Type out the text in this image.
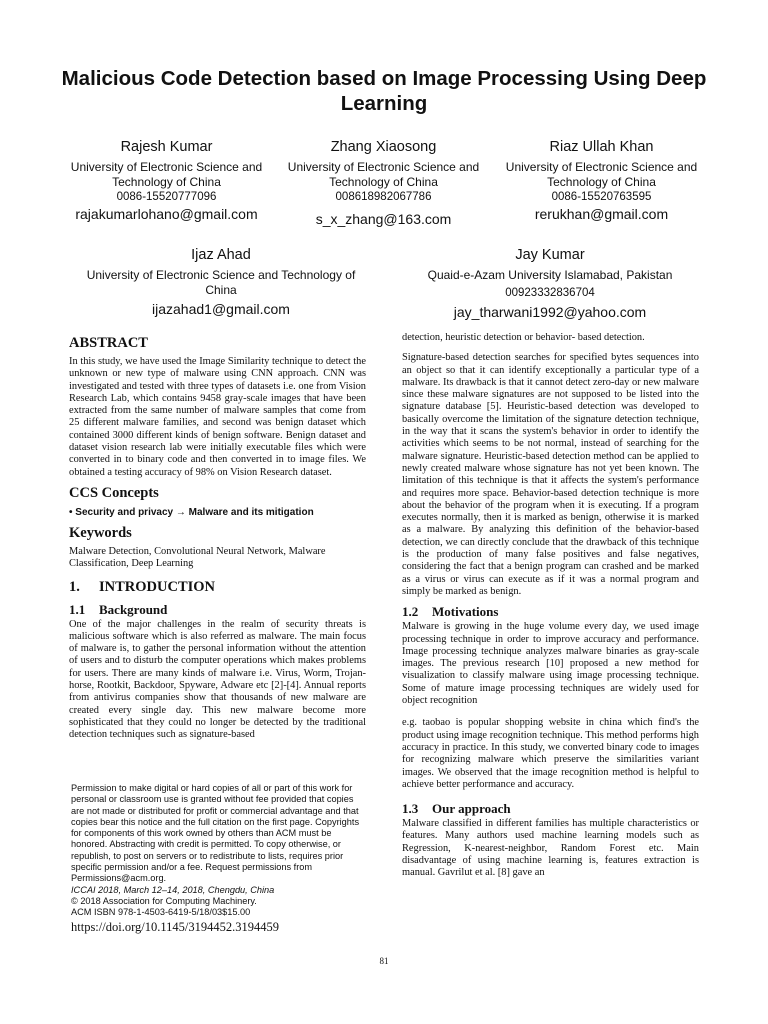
Malicious Code Detection based on Image Processing Using Deep Learning
Rajesh Kumar
University of Electronic Science and Technology of China
0086-15520777096
rajakumarlohano@gmail.com
Zhang Xiaosong
University of Electronic Science and Technology of China
008618982067786
s_x_zhang@163.com
Riaz Ullah Khan
University of Electronic Science and Technology of China
0086-15520763595
rerukhan@gmail.com
Ijaz Ahad
University of Electronic Science and Technology of China
ijazahad1@gmail.com
Jay Kumar
Quaid-e-Azam University Islamabad, Pakistan
00923332836704
jay_tharwani1992@yahoo.com
ABSTRACT

In this study, we have used the Image Similarity technique to detect the unknown or new type of malware using CNN approach. CNN was investigated and tested with three types of datasets i.e. one from Vision Research Lab, which contains 9458 gray-scale images that have been extracted from the same number of malware samples that come from 25 different malware families, and second was benign dataset which contained 3000 different kinds of benign software. Benign dataset and dataset vision research lab were initially executable files which were converted in to binary code and then converted in to image files. We obtained a testing accuracy of 98% on Vision Research dataset.

CCS Concepts
• Security and privacy → Malware and its mitigation
Keywords

Malware Detection, Convolutional Neural Network, Malware Classification, Deep Learning

1. INTRODUCTION
1.1 Background

One of the major challenges in the realm of security threats is malicious software which is also referred as malware. The main focus of malware is, to gather the personal information without the attention of users and to disturb the computer operations which makes problems for users. There are many kinds of malware i.e. Virus, Worm, Trojan-horse, Rootkit, Backdoor, Spyware, Adware etc [2]-[4]. Annual reports from antivirus companies show that thousands of new malware are created every single day. This new malware become more sophisticated that they could no longer be detected by the traditional detection techniques such as signature-based

Permission to make digital or hard copies of all or part of this work for personal or classroom use is granted without fee provided that copies are not made or distributed for profit or commercial advantage and that copies bear this notice and the full citation on the first page. Copyrights for components of this work owned by others than ACM must be honored. Abstracting with credit is permitted. To copy otherwise, or republish, to post on servers or to redistribute to lists, requires prior specific permission and/or a fee. Request permissions from Permissions@acm.org.
ICCAI 2018, March 12–14, 2018, Chengdu, China
© 2018 Association for Computing Machinery.
ACM ISBN 978-1-4503-6419-5/18/03$15.00
https://doi.org/10.1145/3194452.3194459

detection, heuristic detection or behavior- based detection.

Signature-based detection searches for specified bytes sequences into an object so that it can identify exceptionally a particular type of a malware. Its drawback is that it cannot detect zero-day or new malware since these malware signatures are not supposed to be listed into the signature database [5]. Heuristic-based detection was developed to basically overcome the limitation of the signature detection technique, in the way that it scans the system's behavior in order to identify the activities which seems to be not normal, instead of searching for the malware signature. Heuristic-based detection method can be applied to newly created malware whose signature has not yet been known. The limitation of this technique is that it affects the system's performance and requires more space. Behavior-based detection technique is more about the behavior of the program when it is executing. If a program executes normally, then it is marked as benign, otherwise it is marked as a malware. By analyzing this definition of the behavior-based detection, we can directly conclude that the drawback of this technique is the production of many false positives and false negatives, considering the fact that a benign program can crashed and be marked as a virus or virus can execute as if it was a normal program and simply be marked as benign.

1.2 Motivations

Malware is growing in the huge volume every day, we used image processing technique in order to improve accuracy and performance. Image processing technique analyzes malware binaries as gray-scale images. The previous research [10] proposed a new method for visualization to classify malware using image processing technique. Some of mature image processing techniques are widely used for object recognition

e.g. taobao is popular shopping website in china which find's the product using image recognition technique. This method performs high accuracy in practice. In this study, we converted binary code to images for recognizing malware which preserve the similarities variant images. We observed that the image recognition method is helpful to achieve better performance and accuracy.

1.3 Our approach

Malware classified in different families has multiple characteristics or features. Many authors used machine learning models such as Regression, K-nearest-neighbor, Random Forest etc. Main disadvantage of using machine learning is, features extraction is manual. Gavrilut et al. [8] gave an

81
